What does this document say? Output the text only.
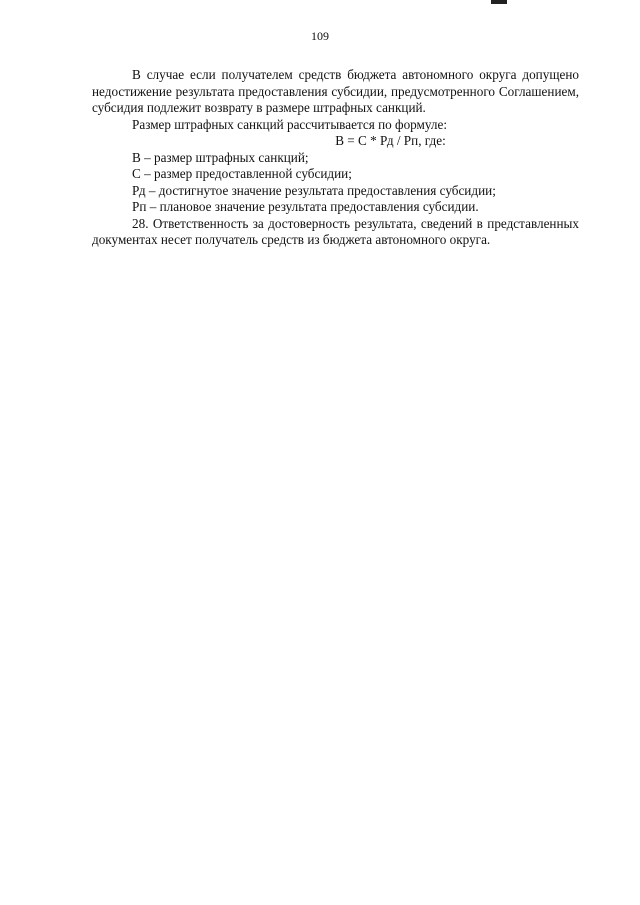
109

В случае если получателем средств бюджета автономного округа допущено недостижение результата предоставления субсидии, предусмотренного Соглашением, субсидия подлежит возврату в размере штрафных санкций.

Размер штрафных санкций рассчитывается по формуле:

В = С * Рд / Рп, где:

В – размер штрафных санкций;

С – размер предоставленной субсидии;

Рд – достигнутое значение результата предоставления субсидии;

Рп – плановое значение результата предоставления субсидии.

28. Ответственность за достоверность результата, сведений в представленных документах несет получатель средств из бюджета автономного округа.
